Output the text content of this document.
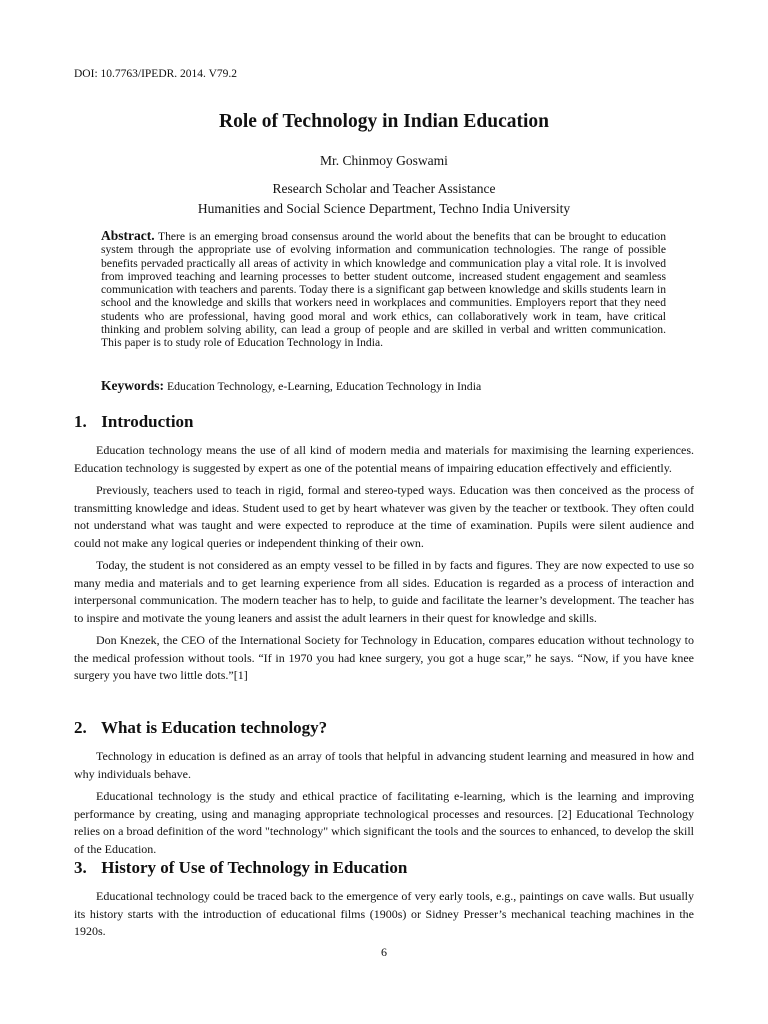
DOI: 10.7763/IPEDR. 2014. V79.2
Role of Technology in Indian Education
Mr. Chinmoy Goswami
Research Scholar and Teacher Assistance
Humanities and Social Science Department, Techno India University
Abstract. There is an emerging broad consensus around the world about the benefits that can be brought to education system through the appropriate use of evolving information and communication technologies. The range of possible benefits pervaded practically all areas of activity in which knowledge and communication play a vital role. It is involved from improved teaching and learning processes to better student outcome, increased student engagement and seamless communication with teachers and parents. Today there is a significant gap between knowledge and skills students learn in school and the knowledge and skills that workers need in workplaces and communities. Employers report that they need students who are professional, having good moral and work ethics, can collaboratively work in team, have critical thinking and problem solving ability, can lead a group of people and are skilled in verbal and written communication. This paper is to study role of Education Technology in India.
Keywords: Education Technology, e-Learning, Education Technology in India
1. Introduction

Education technology means the use of all kind of modern media and materials for maximising the learning experiences. Education technology is suggested by expert as one of the potential means of impairing education effectively and efficiently.

Previously, teachers used to teach in rigid, formal and stereo-typed ways. Education was then conceived as the process of transmitting knowledge and ideas. Student used to get by heart whatever was given by the teacher or textbook. They often could not understand what was taught and were expected to reproduce at the time of examination. Pupils were silent audience and could not make any logical queries or independent thinking of their own.

Today, the student is not considered as an empty vessel to be filled in by facts and figures. They are now expected to use so many media and materials and to get learning experience from all sides. Education is regarded as a process of interaction and interpersonal communication. The modern teacher has to help, to guide and facilitate the learner’s development. The teacher has to inspire and motivate the young leaners and assist the adult learners in their quest for knowledge and skills.

Don Knezek, the CEO of the International Society for Technology in Education, compares education without technology to the medical profession without tools. “If in 1970 you had knee surgery, you got a huge scar,” he says. “Now, if you have knee surgery you have two little dots.”[1]

2. What is Education technology?

Technology in education is defined as an array of tools that helpful in advancing student learning and measured in how and why individuals behave.

Educational technology is the study and ethical practice of facilitating e-learning, which is the learning and improving performance by creating, using and managing appropriate technological processes and resources. [2] Educational Technology relies on a broad definition of the word "technology" which significant the tools and the sources to enhanced, to develop the skill of the Education.

3. History of Use of Technology in Education

Educational technology could be traced back to the emergence of very early tools, e.g., paintings on cave walls. But usually its history starts with the introduction of educational films (1900s) or Sidney Presser’s mechanical teaching machines in the 1920s.

6
